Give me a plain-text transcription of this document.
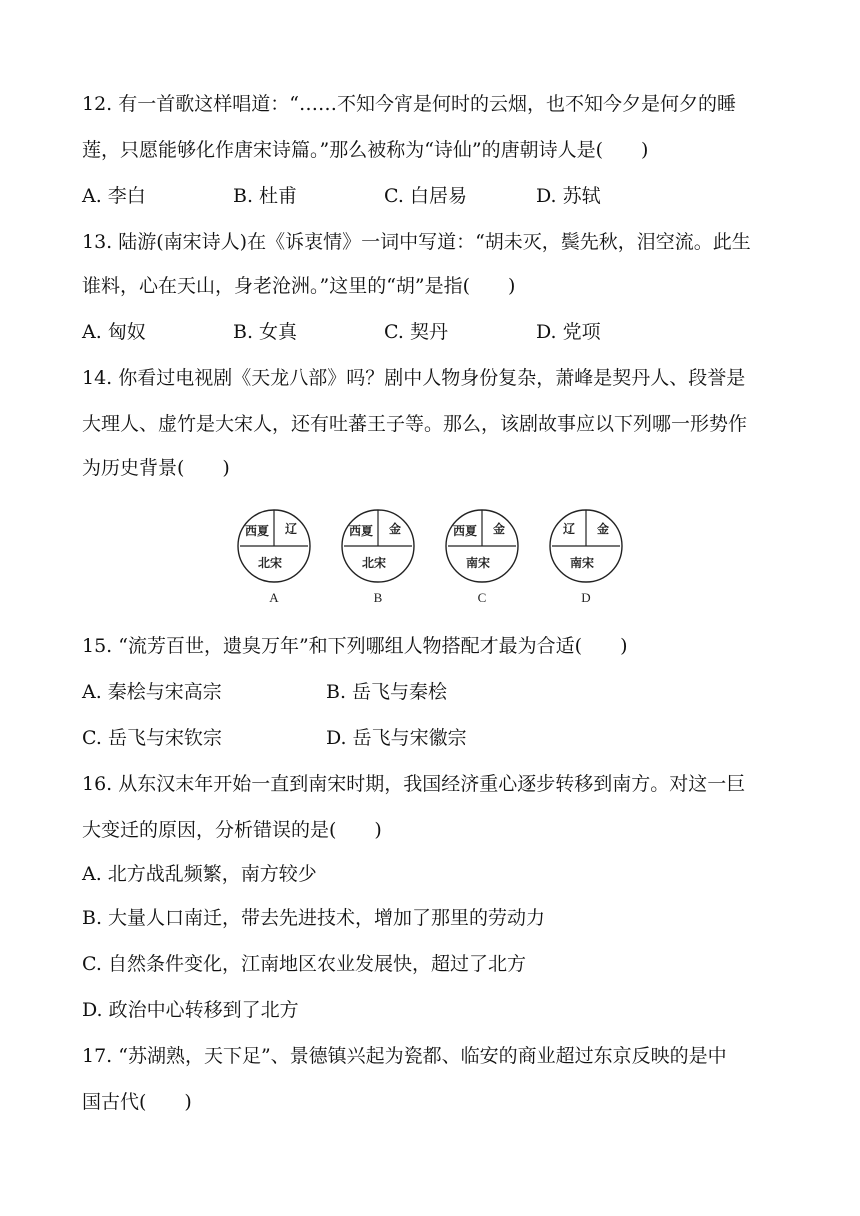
12. 有一首歌这样唱道：“……不知今宵是何时的云烟，也不知今夕是何夕的睡
莲，只愿能够化作唐宋诗篇。”那么被称为“诗仙”的唐朝诗人是(　　)
A. 李白	B. 杜甫	C. 白居易	D. 苏轼
13. 陆游(南宋诗人)在《诉衷情》一词中写道：“胡未灭，鬓先秋，泪空流。此生
谁料，心在天山，身老沧洲。”这里的“胡”是指(　　)
A. 匈奴	B. 女真	C. 契丹	D. 党项
14. 你看过电视剧《天龙八部》吗？剧中人物身份复杂，萧峰是契丹人、段誉是
大理人、虚竹是大宋人，还有吐蕃王子等。那么，该剧故事应以下列哪一形势作
为历史背景(　　)
西夏	辽
北宋
A
西夏	金
北宋
B
西夏	金
南宋
C
辽	金
南宋
D
15. “流芳百世，遗臭万年”和下列哪组人物搭配才最为合适(　　)
A. 秦桧与宋高宗	B. 岳飞与秦桧
C. 岳飞与宋钦宗	D. 岳飞与宋徽宗
16. 从东汉末年开始一直到南宋时期，我国经济重心逐步转移到南方。对这一巨
大变迁的原因，分析错误的是(　　)
A. 北方战乱频繁，南方较少
B. 大量人口南迁，带去先进技术，增加了那里的劳动力
C. 自然条件变化，江南地区农业发展快，超过了北方
D. 政治中心转移到了北方
17. “苏湖熟，天下足”、景德镇兴起为瓷都、临安的商业超过东京反映的是中
国古代(　　)
